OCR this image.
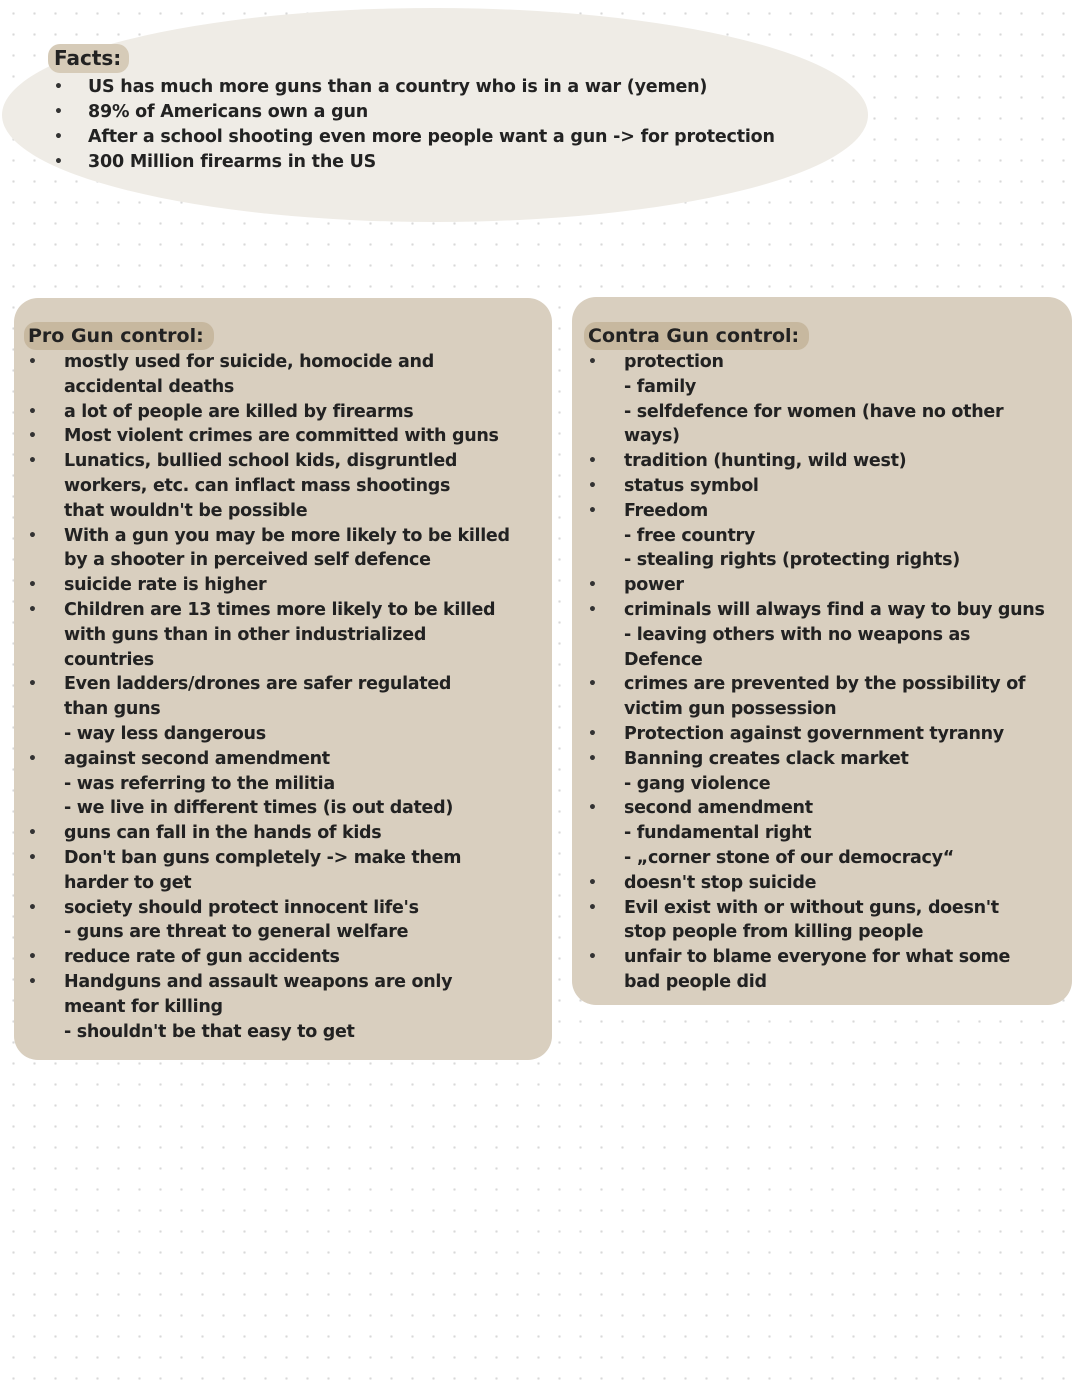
Facts:
• US has much more guns than a country who is in a war (yemen)
• 89% of Americans own a gun
• After a school shooting even more people want a gun -> for protection
• 300 Million firearms in the US
Pro Gun control:
• mostly used for suicide, homocide and
accidental deaths
• a lot of people are killed by firearms
• Most violent crimes are committed with guns
• Lunatics, bullied school kids, disgruntled
workers, etc. can inflact mass shootings
that wouldn't be possible
• With a gun you may be more likely to be killed
by a shooter in perceived self defence
• suicide rate is higher
• Children are 13 times more likely to be killed
with guns than in other industrialized
countries
• Even ladders/drones are safer regulated
than guns
- way less dangerous
• against second amendment
- was referring to the militia
- we live in different times (is out dated)
• guns can fall in the hands of kids
• Don't ban guns completely -> make them
harder to get
• society should protect innocent life's
- guns are threat to general welfare
• reduce rate of gun accidents
• Handguns and assault weapons are only
meant for killing
- shouldn't be that easy to get
Contra Gun control:
• protection
- family
- selfdefence for women (have no other
ways)
• tradition (hunting, wild west)
• status symbol
• Freedom
- free country
- stealing rights (protecting rights)
• power
• criminals will always find a way to buy guns
- leaving others with no weapons as
Defence
• crimes are prevented by the possibility of
victim gun possession
• Protection against government tyranny
• Banning creates clack market
- gang violence
• second amendment
- fundamental right
- „corner stone of our democracy“
• doesn't stop suicide
• Evil exist with or without guns, doesn't
stop people from killing people
• unfair to blame everyone for what some
bad people did
